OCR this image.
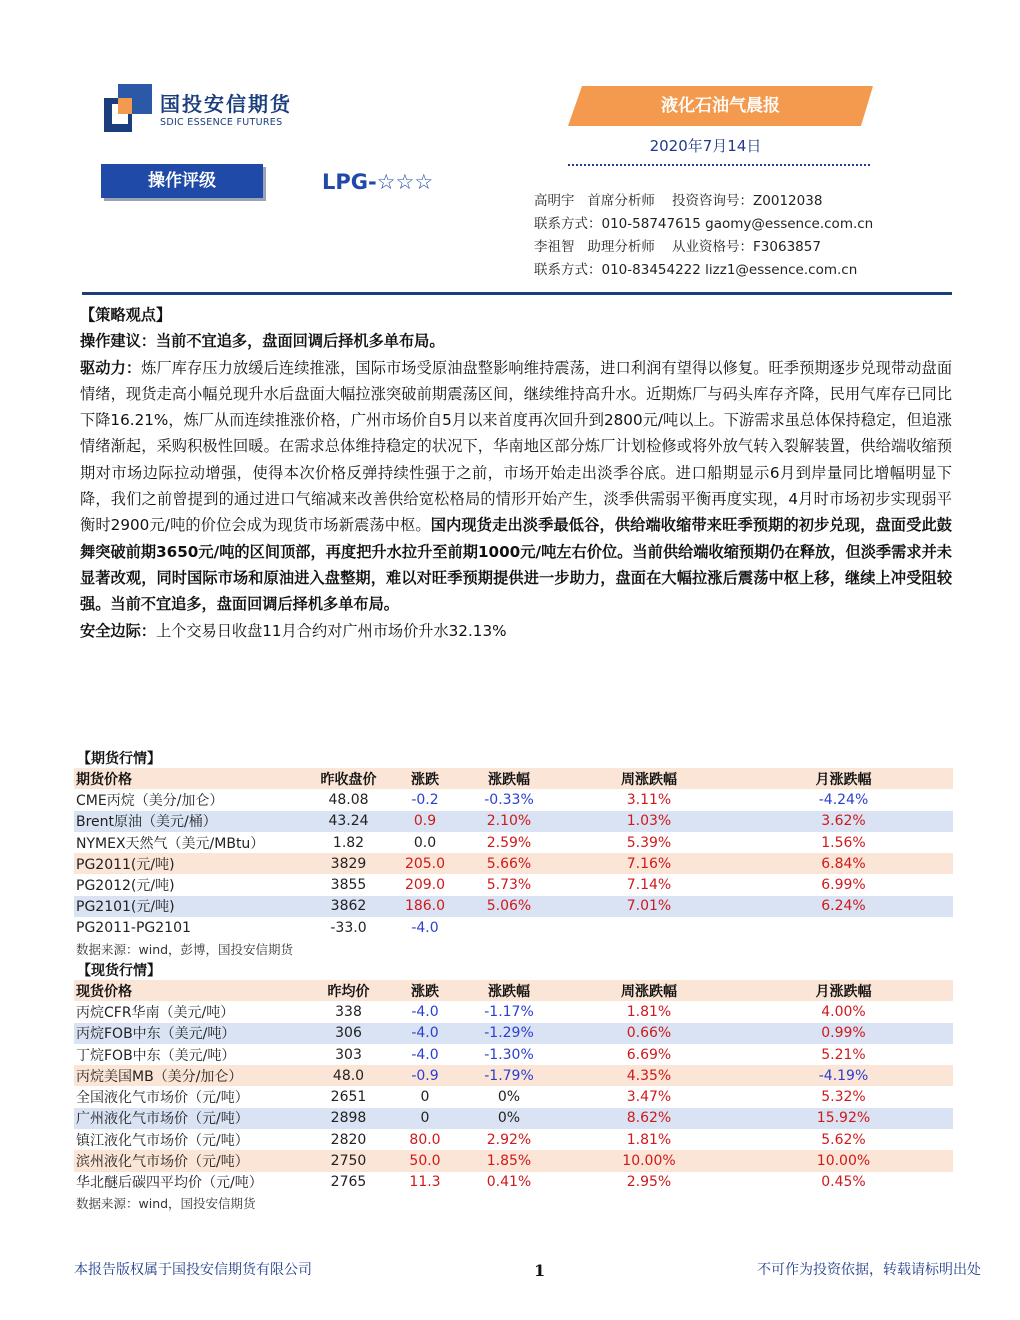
国投安信期货
SDIC ESSENCE FUTURES
液化石油气晨报
2020年7月14日
操作评级	LPG-☆☆☆
高明宇   首席分析师    投资咨询号：Z0012038
联系方式：010-58747615 gaomy@essence.com.cn
李祖智   助理分析师    从业资格号：F3063857
联系方式：010-83454222 lizz1@essence.com.cn

【策略观点】

操作建议：当前不宜追多，盘面回调后择机多单布局。

驱动力：炼厂库存压力放缓后连续推涨，国际市场受原油盘整影响维持震荡，进口利润有望得以修复。旺季预期逐步兑现带动盘面情绪，现货走高小幅兑现升水后盘面大幅拉涨突破前期震荡区间，继续维持高升水。近期炼厂与码头库存齐降，民用气库存已同比下降16.21%，炼厂从而连续推涨价格，广州市场价自5月以来首度再次回升到2800元/吨以上。下游需求虽总体保持稳定，但追涨情绪渐起，采购积极性回暖。在需求总体维持稳定的状况下，华南地区部分炼厂计划检修或将外放气转入裂解装置，供给端收缩预期对市场边际拉动增强，使得本次价格反弹持续性强于之前，市场开始走出淡季谷底。进口船期显示6月到岸量同比增幅明显下降，我们之前曾提到的通过进口气缩减来改善供给宽松格局的情形开始产生，淡季供需弱平衡再度实现，4月时市场初步实现弱平衡时2900元/吨的价位会成为现货市场新震荡中枢。国内现货走出淡季最低谷，供给端收缩带来旺季预期的初步兑现，盘面受此鼓舞突破前期3650元/吨的区间顶部，再度把升水拉升至前期1000元/吨左右价位。当前供给端收缩预期仍在释放，但淡季需求并未显著改观，同时国际市场和原油进入盘整期，难以对旺季预期提供进一步助力，盘面在大幅拉涨后震荡中枢上移，继续上冲受阻较强。当前不宜追多，盘面回调后择机多单布局。

安全边际：上个交易日收盘11月合约对广州市场价升水32.13%

【期货行情】
期货价格	昨收盘价	涨跌	涨跌幅	周涨跌幅	月涨跌幅
CME丙烷（美分/加仑）	48.08	-0.2	-0.33%	3.11%	-4.24%
Brent原油（美元/桶）	43.24	0.9	2.10%	1.03%	3.62%
NYMEX天然气（美元/MBtu）	1.82	0.0	2.59%	5.39%	1.56%
PG2011(元/吨)	3829	205.0	5.66%	7.16%	6.84%
PG2012(元/吨)	3855	209.0	5.73%	7.14%	6.99%
PG2101(元/吨)	3862	186.0	5.06%	7.01%	6.24%
PG2011-PG2101	-33.0	-4.0			
数据来源：wind，彭博，国投安信期货
【现货行情】
现货价格	昨均价	涨跌	涨跌幅	周涨跌幅	月涨跌幅
丙烷CFR华南（美元/吨）	338	-4.0	-1.17%	1.81%	4.00%
丙烷FOB中东（美元/吨）	306	-4.0	-1.29%	0.66%	0.99%
丁烷FOB中东（美元/吨）	303	-4.0	-1.30%	6.69%	5.21%
丙烷美国MB（美分/加仑）	48.0	-0.9	-1.79%	4.35%	-4.19%
全国液化气市场价（元/吨）	2651	0	0%	3.47%	5.32%
广州液化气市场价（元/吨）	2898	0	0%	8.62%	15.92%
镇江液化气市场价（元/吨）	2820	80.0	2.92%	1.81%	5.62%
滨州液化气市场价（元/吨）	2750	50.0	1.85%	10.00%	10.00%
华北醚后碳四平均价（元/吨）	2765	11.3	0.41%	2.95%	0.45%
数据来源：wind，国投安信期货
本报告版权属于国投安信期货有限公司	1	不可作为投资依据，转载请标明出处
